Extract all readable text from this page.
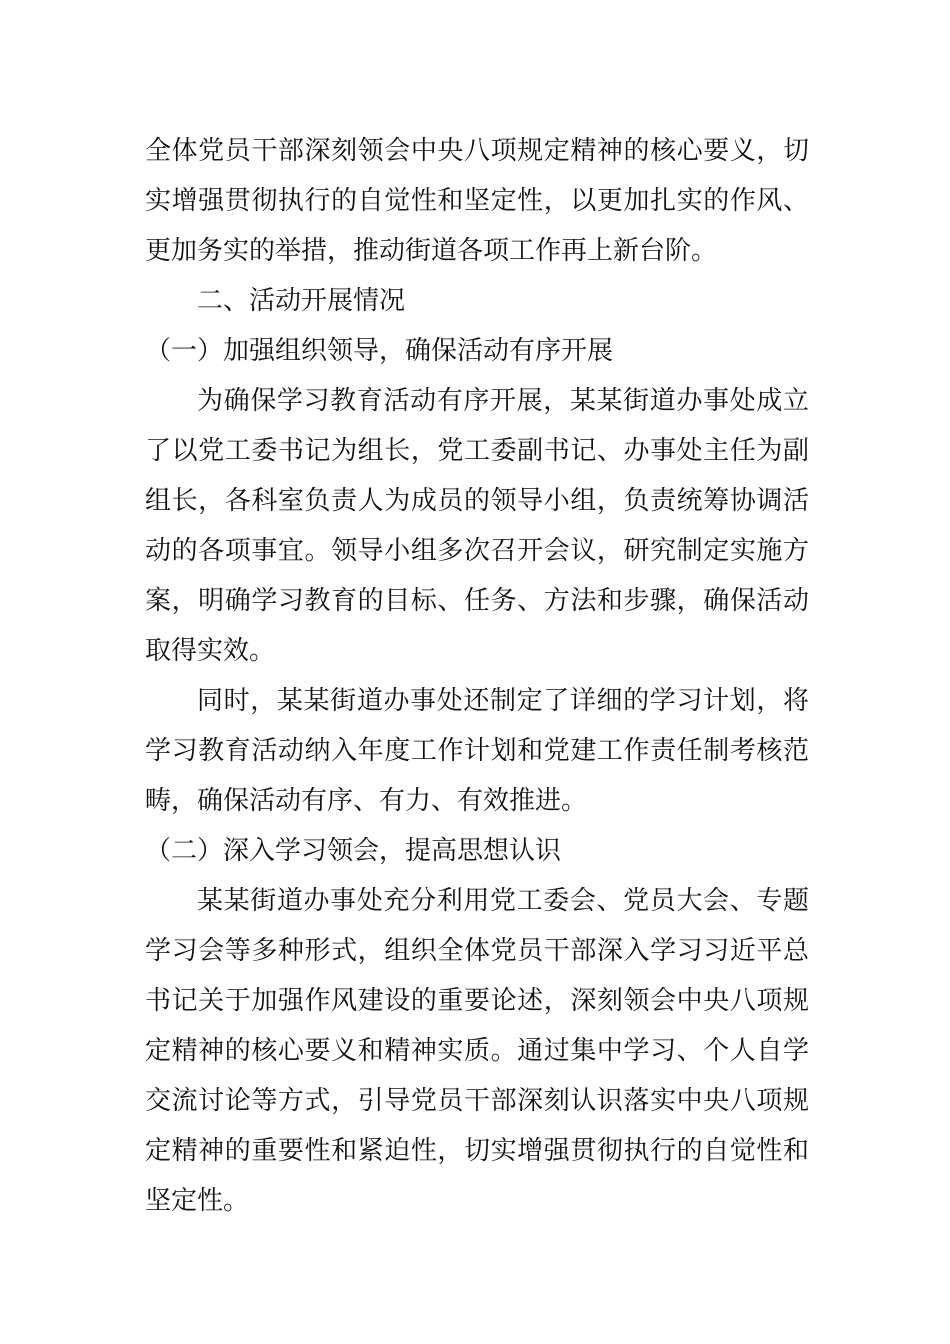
全体党员干部深刻领会中央八项规定精神的核心要义，切实增强贯彻执行的自觉性和坚定性，以更加扎实的作风、更加务实的举措，推动街道各项工作再上新台阶。

二、活动开展情况

（一）加强组织领导，确保活动有序开展

为确保学习教育活动有序开展，某某街道办事处成立了以党工委书记为组长，党工委副书记、办事处主任为副组长，各科室负责人为成员的领导小组，负责统筹协调活动的各项事宜。领导小组多次召开会议，研究制定实施方案，明确学习教育的目标、任务、方法和步骤，确保活动取得实效。

同时，某某街道办事处还制定了详细的学习计划，将学习教育活动纳入年度工作计划和党建工作责任制考核范畴，确保活动有序、有力、有效推进。

（二）深入学习领会，提高思想认识

某某街道办事处充分利用党工委会、党员大会、专题学习会等多种形式，组织全体党员干部深入学习习近平总书记关于加强作风建设的重要论述，深刻领会中央八项规定精神的核心要义和精神实质。通过集中学习、个人自学交流讨论等方式，引导党员干部深刻认识落实中央八项规定精神的重要性和紧迫性，切实增强贯彻执行的自觉性和坚定性。
